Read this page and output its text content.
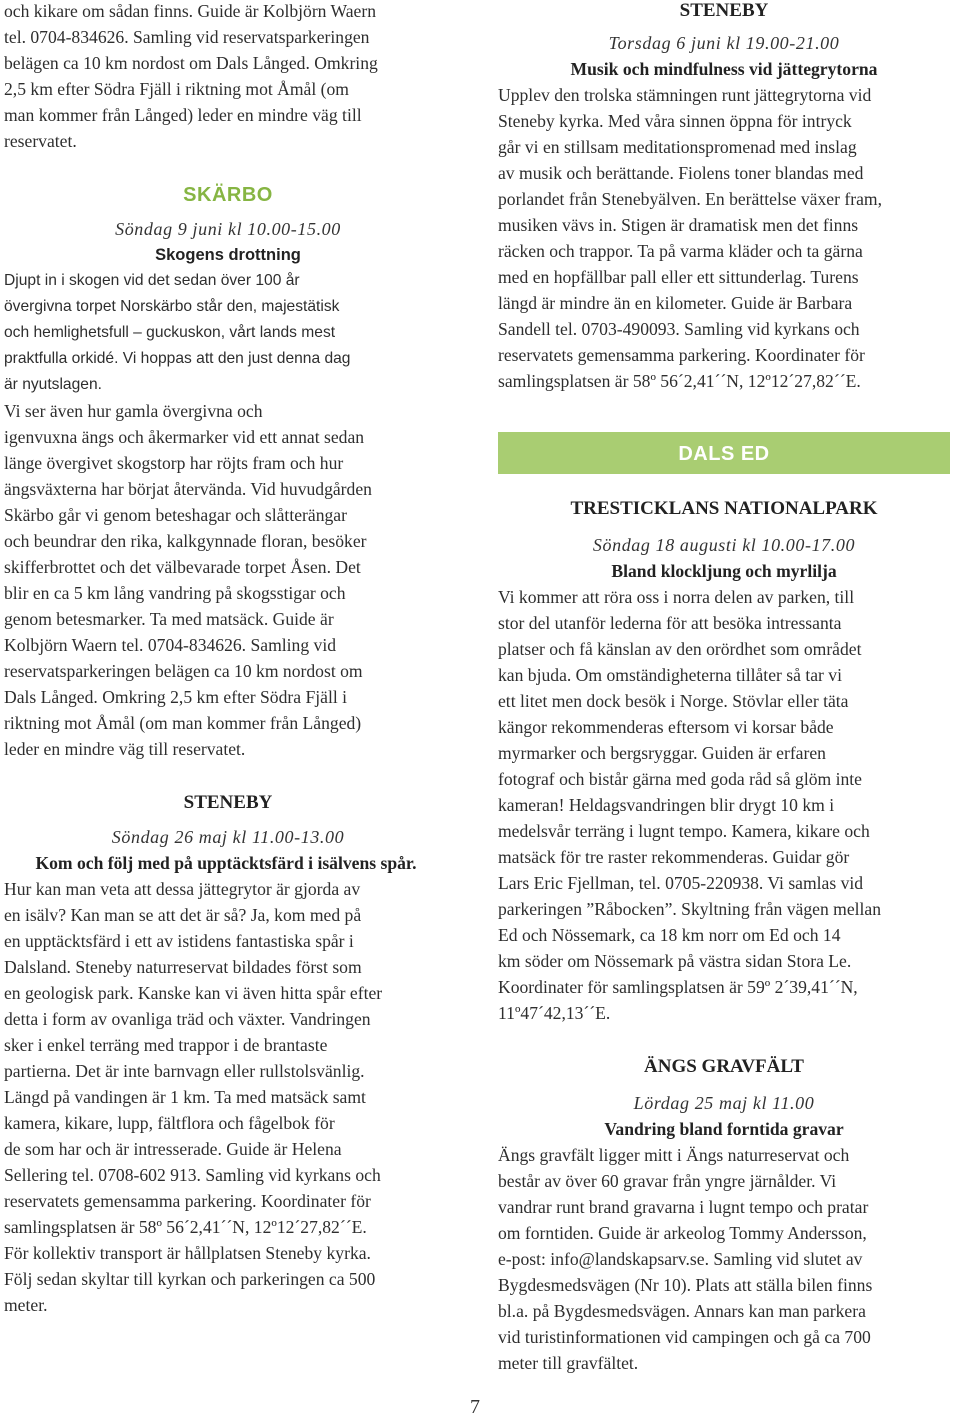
och kikare om sådan finns. Guide är Kolbjörn Waern
tel. 0704-834626. Samling vid reservatsparkeringen
belägen ca 10 km nordost om Dals Långed. Omkring
2,5 km efter Södra Fjäll i riktning mot Åmål (om
man kommer från Långed) leder en mindre väg till
reservatet.

SKÄRBO

Söndag 9 juni kl 10.00-15.00

Skogens drottning

Djupt in i skogen vid det sedan över 100 år
övergivna torpet Norskärbo står den, majestätisk
och hemlighetsfull – guckuskon, vårt lands mest
praktfulla orkidé. Vi hoppas att den just denna dag
är nyutslagen.

Vi ser även hur gamla övergivna och
igenvuxna ängs och åkermarker vid ett annat sedan
länge övergivet skogstorp har röjts fram och hur
ängsväxterna har börjat återvända. Vid huvudgården
Skärbo går vi genom beteshagar och slåtterängar
och beundrar den rika, kalkgynnade floran, besöker
skifferbrottet och det välbevarade torpet Åsen. Det
blir en ca 5 km lång vandring på skogsstigar och
genom betesmarker. Ta med matsäck. Guide är
Kolbjörn Waern tel. 0704-834626. Samling vid
reservatsparkeringen belägen ca 10 km nordost om
Dals Långed. Omkring 2,5 km efter Södra Fjäll i
riktning mot Åmål (om man kommer från Långed)
leder en mindre väg till reservatet.

STENEBY

Söndag 26 maj kl 11.00-13.00

Kom och följ med på upptäcktsfärd i isälvens spår.

Hur kan man veta att dessa jättegrytor är gjorda av
en isälv? Kan man se att det är så? Ja, kom med på
en upptäcktsfärd i ett av istidens fantastiska spår i
Dalsland. Steneby naturreservat bildades först som
en geologisk park. Kanske kan vi även hitta spår efter
detta i form av ovanliga träd och växter. Vandringen
sker i enkel terräng med trappor i de brantaste
partierna. Det är inte barnvagn eller rullstolsvänlig.
Längd på vandingen är 1 km. Ta med matsäck samt
kamera, kikare, lupp, fältflora och fågelbok för
de som har och är intresserade. Guide är Helena
Sellering tel. 0708-602 913. Samling vid kyrkans och
reservatets gemensamma parkering. Koordinater för
samlingsplatsen är 58º 56´2,41´´N, 12º12´27,82´´E.
För kollektiv transport är hållplatsen Steneby kyrka.
Följ sedan skyltar till kyrkan och parkeringen ca 500
meter.

STENEBY

Torsdag 6 juni kl 19.00-21.00

Musik och mindfulness vid jättegrytorna

Upplev den trolska stämningen runt jättegrytorna vid
Steneby kyrka. Med våra sinnen öppna för intryck
går vi en stillsam meditationspromenad med inslag
av musik och berättande. Fiolens toner blandas med
porlandet från Stenebyälven. En berättelse växer fram,
musiken vävs in. Stigen är dramatisk men det finns
räcken och trappor. Ta på varma kläder och ta gärna
med en hopfällbar pall eller ett sittunderlag. Turens
längd är mindre än en kilometer. Guide är Barbara
Sandell tel. 0703-490093. Samling vid kyrkans och
reservatets gemensamma parkering. Koordinater för
samlingsplatsen är 58º 56´2,41´´N, 12º12´27,82´´E.

DALS ED
TRESTICKLANS NATIONALPARK

Söndag 18 augusti kl 10.00-17.00

Bland klockljung och myrlilja

Vi kommer att röra oss i norra delen av parken, till
stor del utanför lederna för att besöka intressanta
platser och få känslan av den orördhet som området
kan bjuda. Om omständigheterna tillåter så tar vi
ett litet men dock besök i Norge. Stövlar eller täta
kängor rekommenderas eftersom vi korsar både
myrmarker och bergsryggar. Guiden är erfaren
fotograf och bistår gärna med goda råd så glöm inte
kameran! Heldagsvandringen blir drygt 10 km i
medelsvår terräng i lugnt tempo. Kamera, kikare och
matsäck för tre raster rekommenderas. Guidar gör
Lars Eric Fjellman, tel. 0705-220938. Vi samlas vid
parkeringen ”Råbocken”. Skyltning från vägen mellan
Ed och Nössemark, ca 18 km norr om Ed och 14
km söder om Nössemark på västra sidan Stora Le.
Koordinater för samlingsplatsen är 59º 2´39,41´´N,
11º47´42,13´´E.

ÄNGS GRAVFÄLT

Lördag 25 maj kl 11.00

Vandring bland forntida gravar

Ängs gravfält ligger mitt i Ängs naturreservat och
består av över 60 gravar från yngre järnålder. Vi
vandrar runt brand gravarna i lugnt tempo och pratar
om forntiden. Guide är arkeolog Tommy Andersson,
e-post: info@landskapsarv.se. Samling vid slutet av
Bygdesmedsvägen (Nr 10). Plats att ställa bilen finns
bl.a. på Bygdesmedsvägen. Annars kan man parkera
vid turistinformationen vid campingen och gå ca 700
meter till gravfältet.

7
